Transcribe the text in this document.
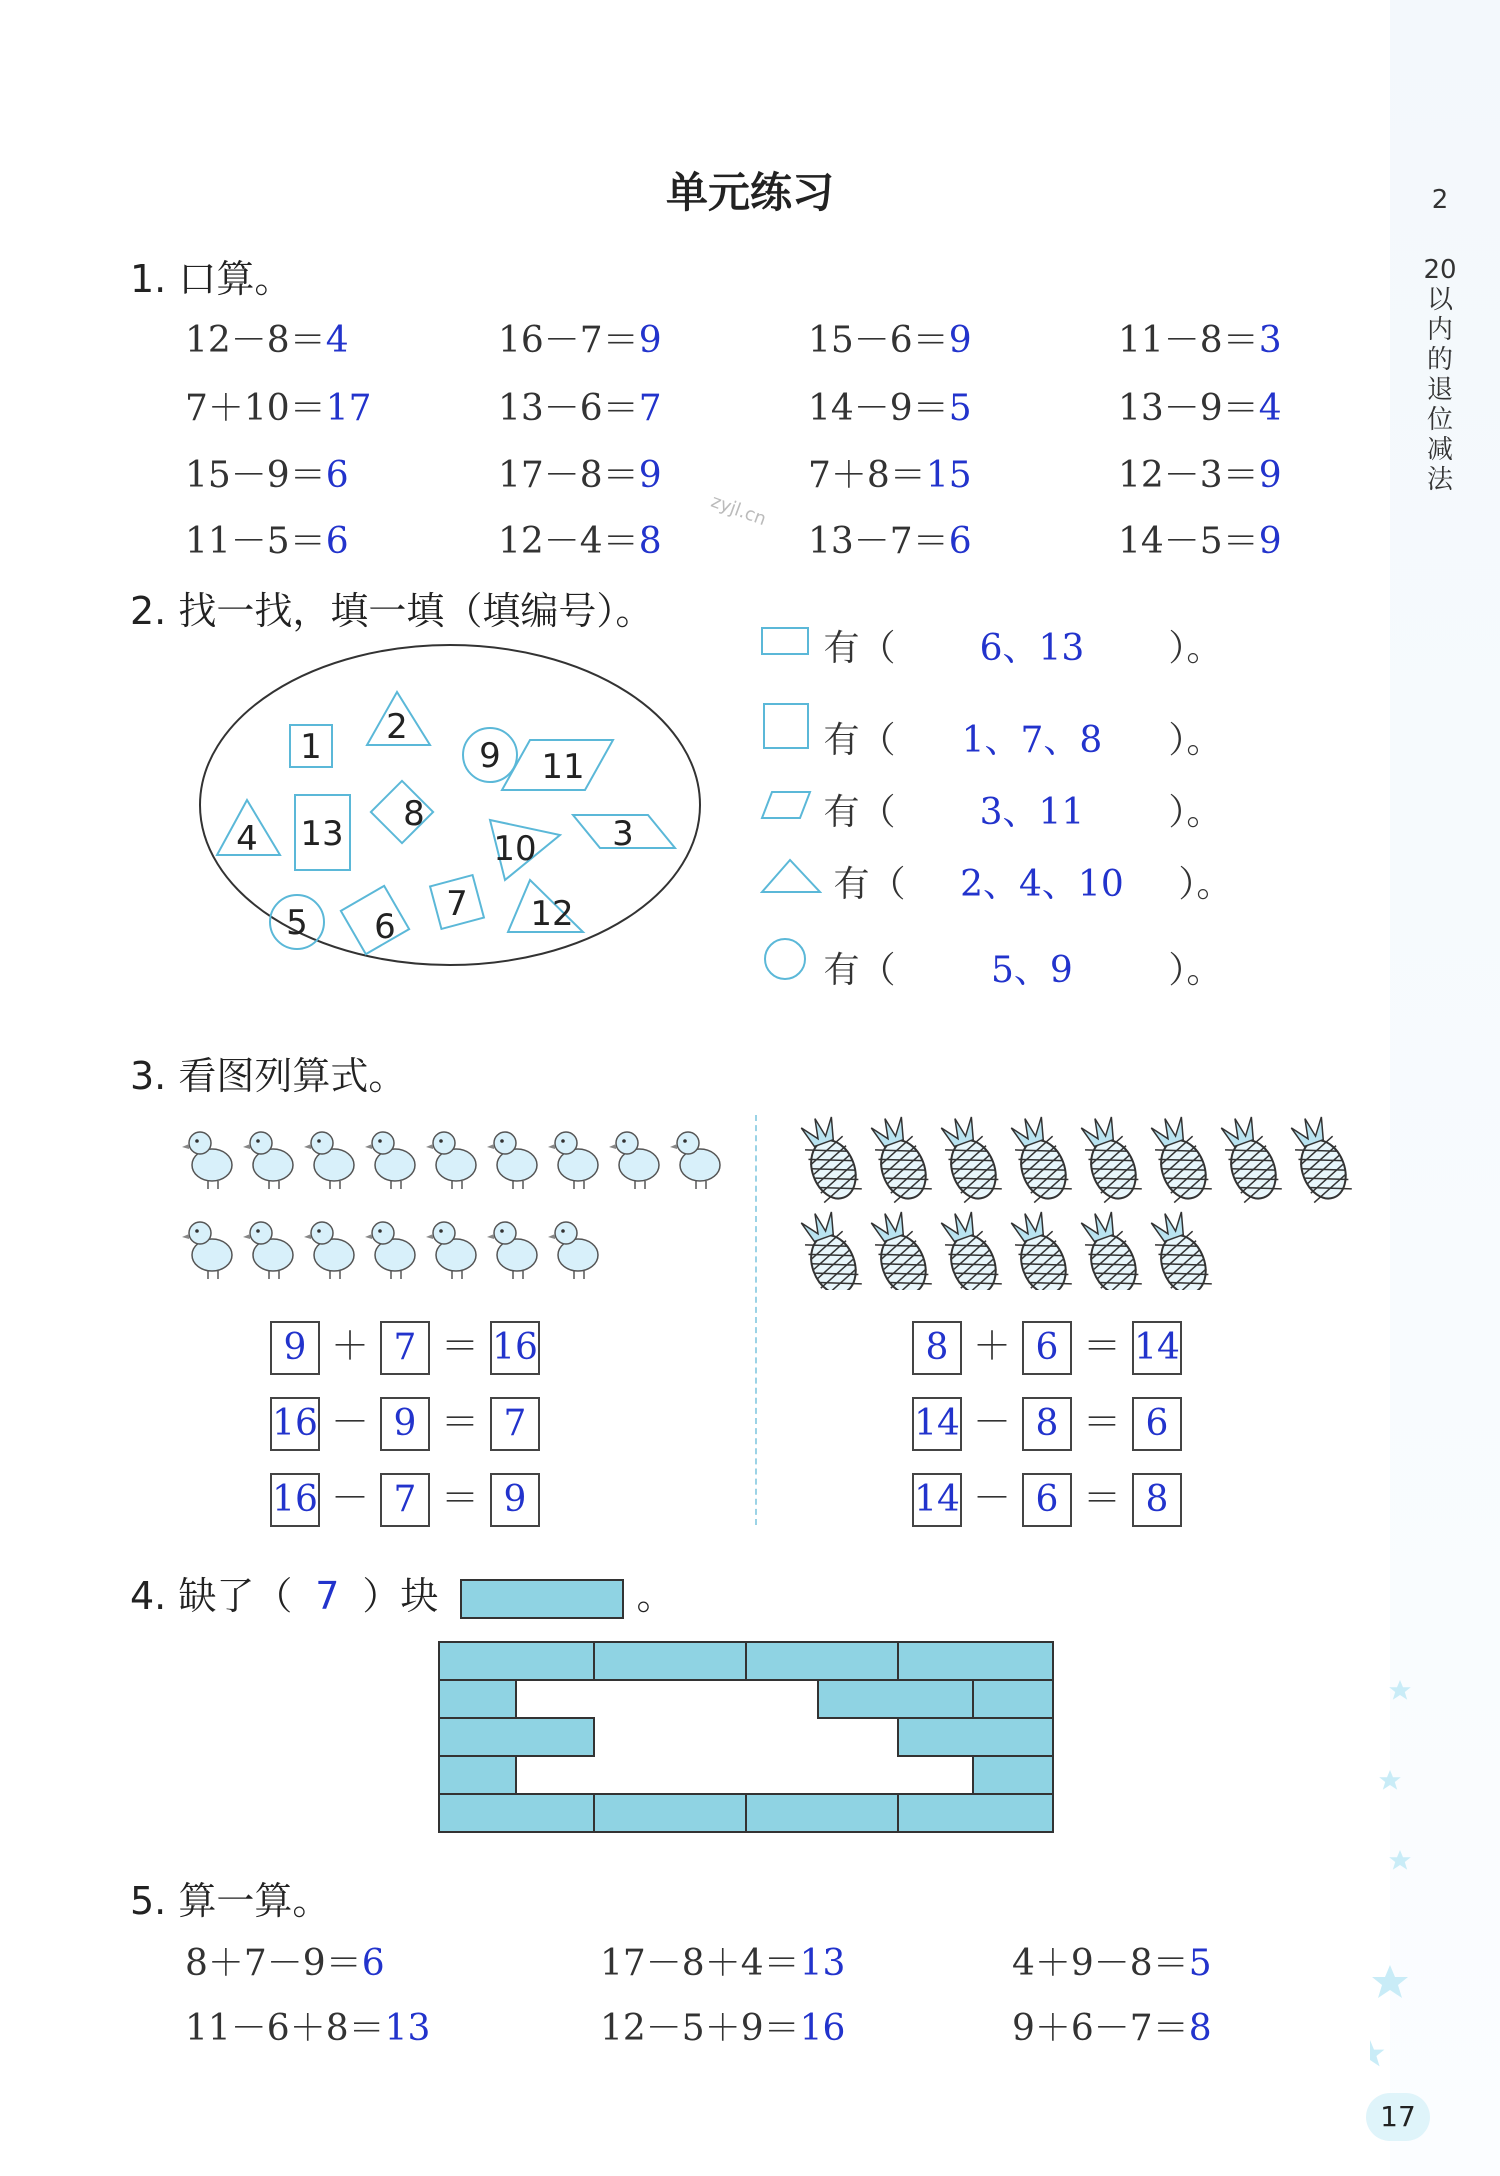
单元练习	2
20
以
内
的
退
位
减
法
zyjl.cn
1. 口算。
12－8＝4	16－7＝9	15－6＝9	11－8＝3
7＋10＝17	13－6＝7	14－9＝5	13－9＝4
15－9＝6	17－8＝9	7＋8＝15	12－3＝9
11－5＝6	12－4＝8	13－7＝6	14－5＝9
2. 找一找，填一填（填编号）。
1 2
9 11
4 13 8
10 3
5 6
7 12
有（ 6、13 ）。
有（ 1、7、8 ）。
有（ 3、11 ）。
有（ 2、4、10 ）。
有（	5、9	）。
3. 看图列算式。
9 ＋ 7 ＝ 16
16 － 9 ＝ 7
16 － 7 ＝ 9
8 ＋ 6 ＝ 14
14 － 8 ＝ 6
14 － 6 ＝ 8
4. 缺了（ 7 ）块	。
5. 算一算。
8＋7－9＝6	17－8＋4＝13	4＋9－8＝5
11－6＋8＝13	12－5＋9＝16	9＋6－7＝8
17
